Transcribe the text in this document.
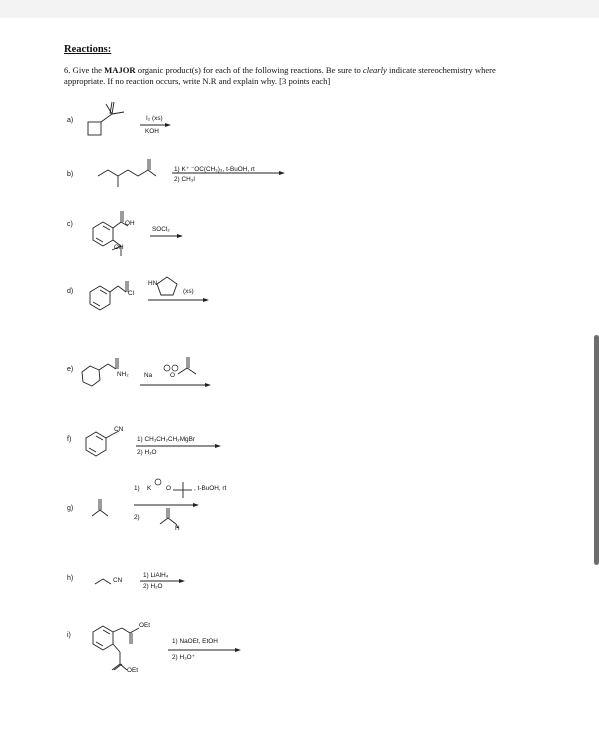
Reactions:
6. Give the MAJOR organic product(s) for each of the following reactions. Be sure to clearly indicate stereochemistry where appropriate. If no reaction occurs, write N.R and explain why. [3 points each]
a)
b)
c)
d)
e)
f)
g)
h)
i)
I₂ (xs)
KOH
1) K⁺ ⁻OC(CH₃)₃, t-BuOH, rt
2) CH₃I
OH
OH
SOCl₂
Cl
HN
(xs)
NH₂ Na	O
CN
1) CH₃CH₂CH₂MgBr
2) H₂O
1) K O	, t-BuOH, rt
2)
H
CN
1) LiAlH₄
2) H₂O
OEt
OEt
1) NaOEt, EtOH
2) H₃O⁺
